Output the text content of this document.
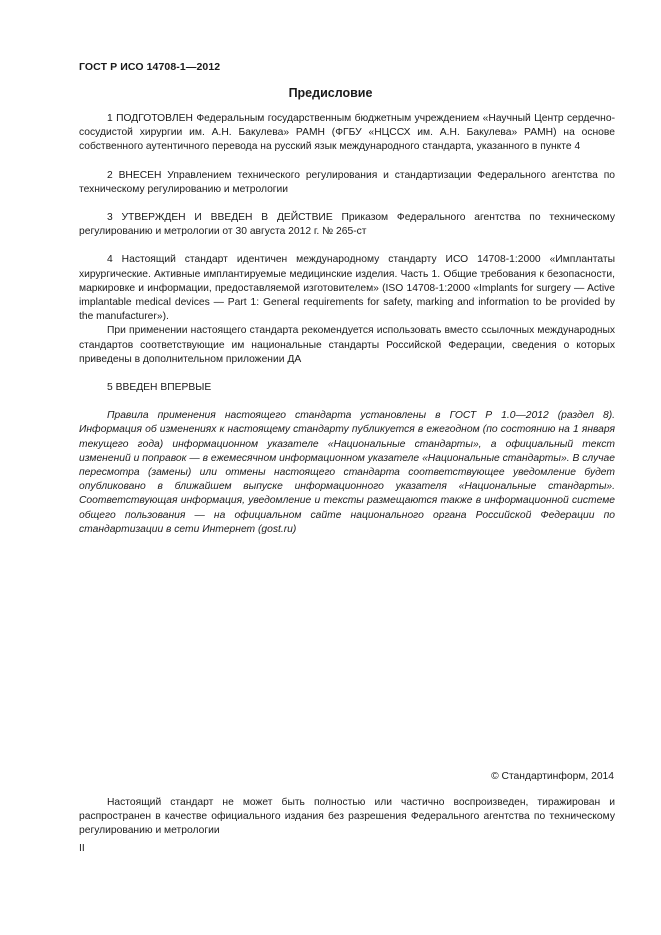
ГОСТ Р ИСО 14708-1—2012
Предисловие

1 ПОДГОТОВЛЕН Федеральным государственным бюджетным учреждением «Научный Центр сердечно-сосудистой хирургии им. А.Н. Бакулева» РАМН (ФГБУ «НЦССХ им. А.Н. Бакулева» РАМН) на основе собственного аутентичного перевода на русский язык международного стандарта, указанного в пункте 4

2 ВНЕСЕН Управлением технического регулирования и стандартизации Федерального агентства по техническому регулированию и метрологии

3 УТВЕРЖДЕН И ВВЕДЕН В ДЕЙСТВИЕ Приказом Федерального агентства по техническому регулированию и метрологии от 30 августа 2012 г. № 265-ст

4 Настоящий стандарт идентичен международному стандарту ИСО 14708-1:2000 «Имплантаты хирургические. Активные имплантируемые медицинские изделия. Часть 1. Общие требования к безопасности, маркировке и информации, предоставляемой изготовителем» (ISO 14708-1:2000 «Implants for surgery — Active implantable medical devices — Part 1: General requirements for safety, marking and information to be provided by the manufacturer»).

При применении настоящего стандарта рекомендуется использовать вместо ссылочных международных стандартов соответствующие им национальные стандарты Российской Федерации, сведения о которых приведены в дополнительном приложении ДА

5 ВВЕДЕН ВПЕРВЫЕ

Правила применения настоящего стандарта установлены в ГОСТ Р 1.0—2012 (раздел 8). Информация об изменениях к настоящему стандарту публикуется в ежегодном (по состоянию на 1 января текущего года) информационном указателе «Национальные стандарты», а официальный текст изменений и поправок — в ежемесячном информационном указателе «Национальные стандарты». В случае пересмотра (замены) или отмены настоящего стандарта соответствующее уведомление будет опубликовано в ближайшем выпуске информационного указателя «Национальные стандарты». Соответствующая информация, уведомление и тексты размещаются также в информационной системе общего пользования — на официальном сайте национального органа Российской Федерации по стандартизации в сети Интернет (gost.ru)

© Стандартинформ, 2014

Настоящий стандарт не может быть полностью или частично воспроизведен, тиражирован и распространен в качестве официального издания без разрешения Федерального агентства по техническому регулированию и метрологии

II
